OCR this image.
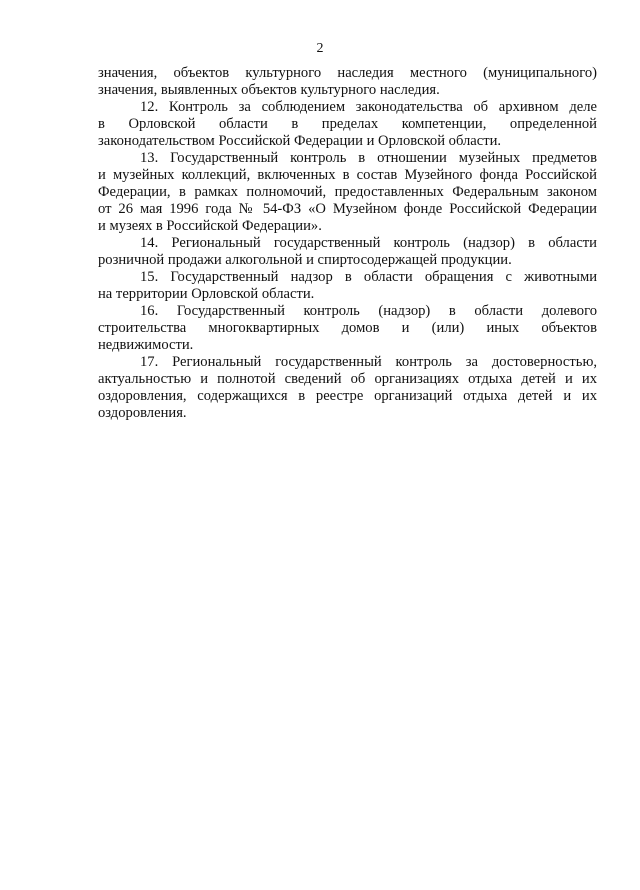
2
значения, объектов культурного наследия местного (муниципального)
значения, выявленных объектов культурного наследия.
12. Контроль за соблюдением законодательства об архивном деле
в Орловской области в пределах компетенции, определенной
законодательством Российской Федерации и Орловской области.
13. Государственный контроль в отношении музейных предметов
и музейных коллекций, включенных в состав Музейного фонда Российской
Федерации, в рамках полномочий, предоставленных Федеральным законом
от 26 мая 1996 года № 54-ФЗ «О Музейном фонде Российской Федерации
и музеях в Российской Федерации».
14. Региональный государственный контроль (надзор) в области
розничной продажи алкогольной и спиртосодержащей продукции.
15. Государственный надзор в области обращения с животными
на территории Орловской области.
16. Государственный контроль (надзор) в области долевого
строительства многоквартирных домов и (или) иных объектов
недвижимости.
17. Региональный государственный контроль за достоверностью,
актуальностью и полнотой сведений об организациях отдыха детей и их
оздоровления, содержащихся в реестре организаций отдыха детей и их
оздоровления.
